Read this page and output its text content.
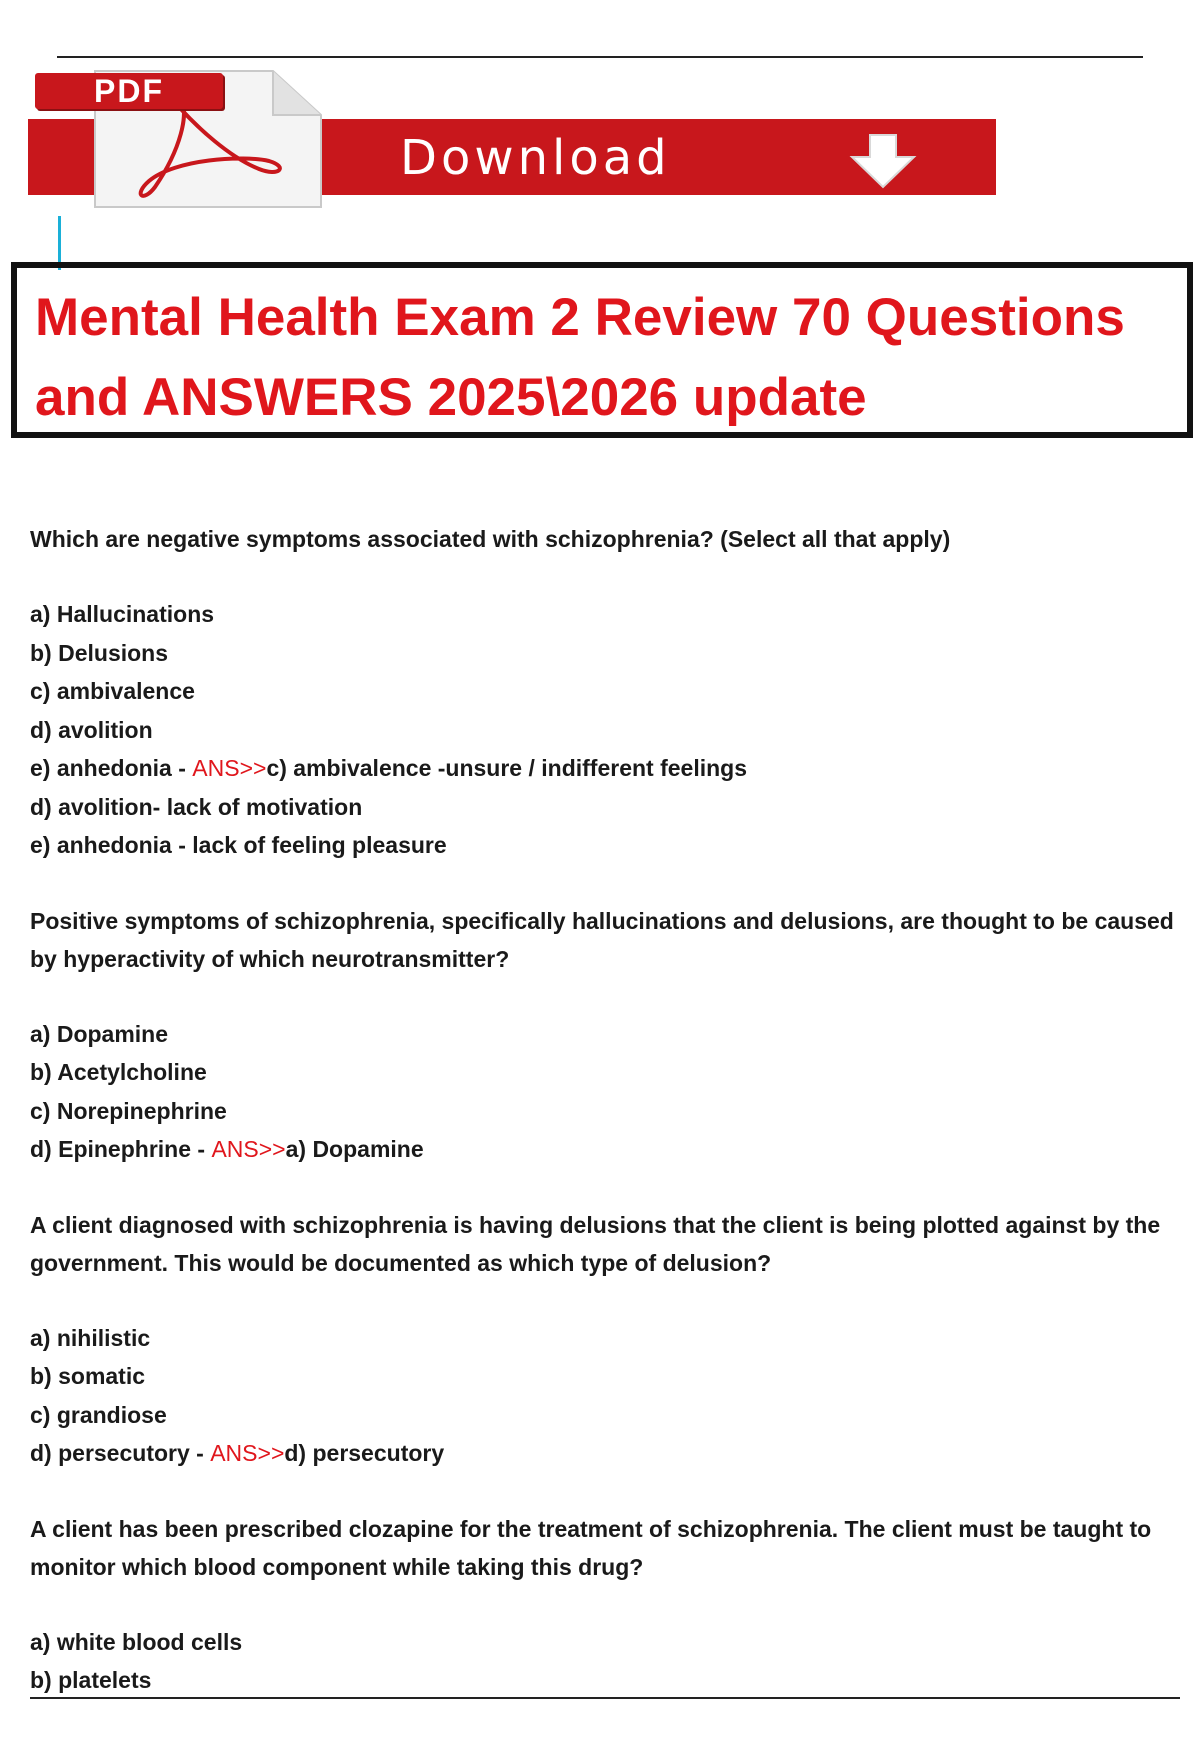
PDF
Download
Mental Health Exam 2 Review 70 Questions and ANSWERS 2025\2026 update

Which are negative symptoms associated with schizophrenia? (Select all that apply)

a) Hallucinations
b) Delusions
c) ambivalence
d) avolition
e) anhedonia - ANS>>c) ambivalence -unsure / indifferent feelings
d) avolition- lack of motivation
e) anhedonia - lack of feeling pleasure

Positive symptoms of schizophrenia, specifically hallucinations and delusions, are thought to be caused by hyperactivity of which neurotransmitter?

a) Dopamine
b) Acetylcholine
c) Norepinephrine
d) Epinephrine - ANS>>a) Dopamine

A client diagnosed with schizophrenia is having delusions that the client is being plotted against by the government. This would be documented as which type of delusion?

a) nihilistic
b) somatic
c) grandiose
d) persecutory - ANS>>d) persecutory

A client has been prescribed clozapine for the treatment of schizophrenia. The client must be taught to monitor which blood component while taking this drug?

a) white blood cells
b) platelets
